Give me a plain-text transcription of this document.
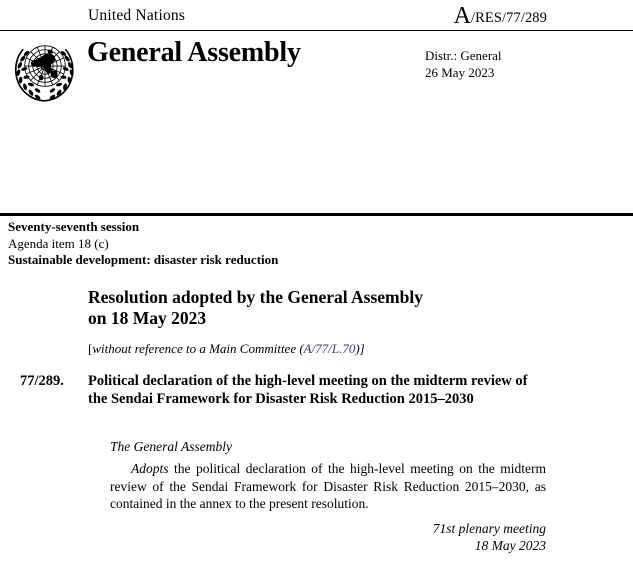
United Nations	A/RES/77/289
General Assembly	Distr.: General
26 May 2023
Seventy-seventh session
Agenda item 18 (c)
Sustainable development: disaster risk reduction
Resolution adopted by the General Assembly
on 18 May 2023
[without reference to a Main Committee (A/77/L.70)]
77/289. Political declaration of the high-level meeting on the midterm review of the Sendai Framework for Disaster Risk Reduction 2015–2030
The General Assembly
Adopts the political declaration of the high-level meeting on the midterm review of the Sendai Framework for Disaster Risk Reduction 2015–2030, as contained in the annex to the present resolution.
71st plenary meeting
18 May 2023
